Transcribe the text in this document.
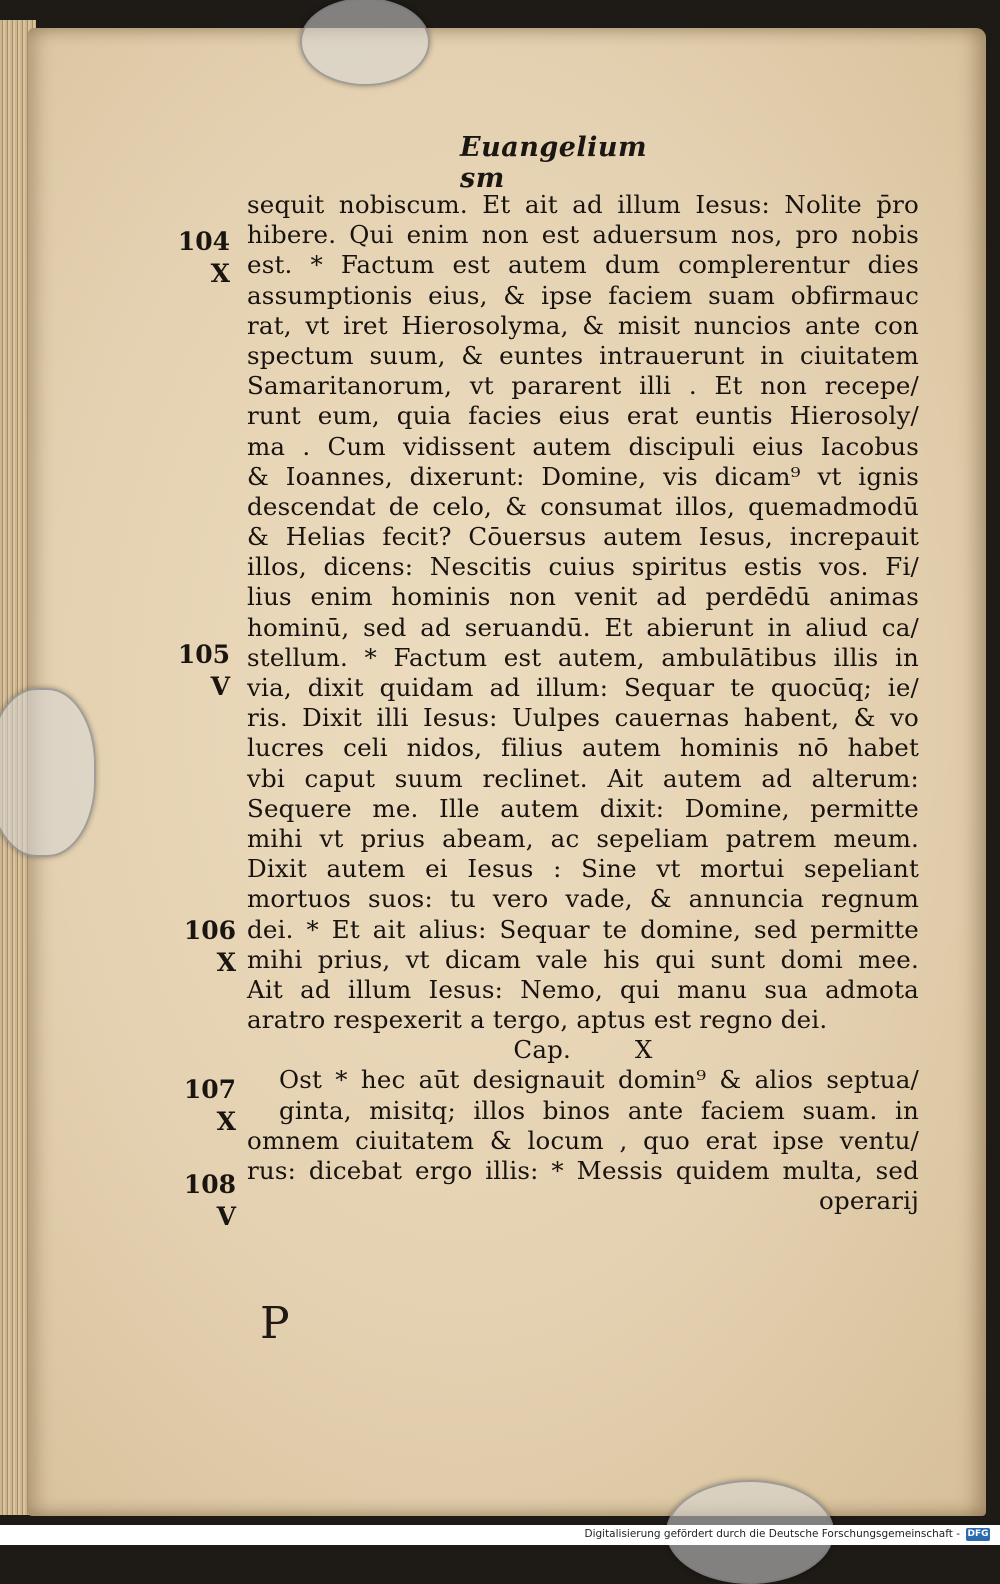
Euangelium sm
104
X
105
V
106
X
107
X
108
V
sequit nobiscum. Et ait ad illum Iesus: Nolite p̄ro
hibere. Qui enim non est aduersum nos, pro nobis
est. * Factum est autem dum complerentur dies
assumptionis eius, & ipse faciem suam obfirmauc
rat, vt iret Hierosolyma, & misit nuncios ante con
spectum suum, & euntes intrauerunt in ciuitatem
Samaritanorum, vt pararent illi . Et non recepe/
runt eum, quia facies eius erat euntis Hierosoly/
ma . Cum vidissent autem discipuli eius Iacobus
& Ioannes, dixerunt: Domine, vis dicam⁹ vt ignis
descendat de celo, & consumat illos, quemadmodū
& Helias fecit? Cōuersus autem Iesus, increpauit
illos, dicens: Nescitis cuius spiritus estis vos. Fi/
lius enim hominis non venit ad perdēdū animas
hominū, sed ad seruandū. Et abierunt in aliud ca/
stellum. * Factum est autem, ambulātibus illis in
via, dixit quidam ad illum: Sequar te quocūq; ie/
ris. Dixit illi Iesus: Uulpes cauernas habent, & vo
lucres celi nidos, filius autem hominis nō habet
vbi caput suum reclinet. Ait autem ad alterum:
Sequere me. Ille autem dixit: Domine, permitte
mihi vt prius abeam, ac sepeliam patrem meum.
Dixit autem ei Iesus : Sine vt mortui sepeliant
mortuos suos: tu vero vade, & annuncia regnum
dei. * Et ait alius: Sequar te domine, sed permitte
mihi prius, vt dicam vale his qui sunt domi mee.
Ait ad illum Iesus: Nemo, qui manu sua admota
aratro respexerit a tergo, aptus est regno dei.
Cap.        X
Ost * hec aūt designauit domin⁹ & alios septua/
ginta, misitq; illos binos ante faciem suam. in
omnem ciuitatem & locum , quo erat ipse ventu/
rus: dicebat ergo illis: * Messis quidem multa, sed
operarij
P
Digitalisierung gefördert durch die Deutsche Forschungsgemeinschaft - DFG
